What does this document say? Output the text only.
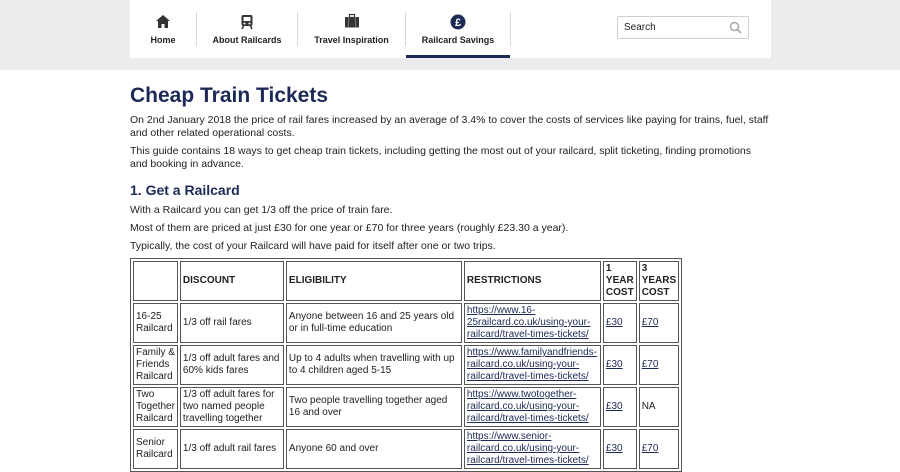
Home	About Railcards	Travel Inspiration
£
Railcard Savings
Search
Cheap Train Tickets

On 2nd January 2018 the price of rail fares increased by an average of 3.4% to cover the costs of services like paying for trains, fuel, staff and other related operational costs.

This guide contains 18 ways to get cheap train tickets, including getting the most out of your railcard, split ticketing, finding promotions and booking in advance.

1. Get a Railcard

With a Railcard you can get 1/3 off the price of train fare.

Most of them are priced at just £30 for one year or £70 for three years (roughly £23.30 a year).

Typically, the cost of your Railcard will have paid for itself after one or two trips.

	DISCOUNT	ELIGIBILITY	RESTRICTIONS	1 YEAR COST	3 YEARS COST
16-25 Railcard	1/3 off rail fares	Anyone between 16 and 25 years old or in full-time education	https://www.16-25railcard.co.uk/using-your-railcard/travel-times-tickets/	£30	£70
Family & Friends Railcard	1/3 off adult fares and 60% kids fares	Up to 4 adults when travelling with up to 4 children aged 5-15	https://www.familyandfriends-railcard.co.uk/using-your-railcard/travel-times-tickets/	£30	£70
Two Together Railcard	1/3 off adult fares for two named people travelling together	Two people travelling together aged 16 and over	https://www.twotogether-railcard.co.uk/using-your-railcard/travel-times-tickets/	£30	NA
Senior Railcard	1/3 off adult rail fares	Anyone 60 and over	https://www.senior-railcard.co.uk/using-your-railcard/travel-times-tickets/	£30	£70
